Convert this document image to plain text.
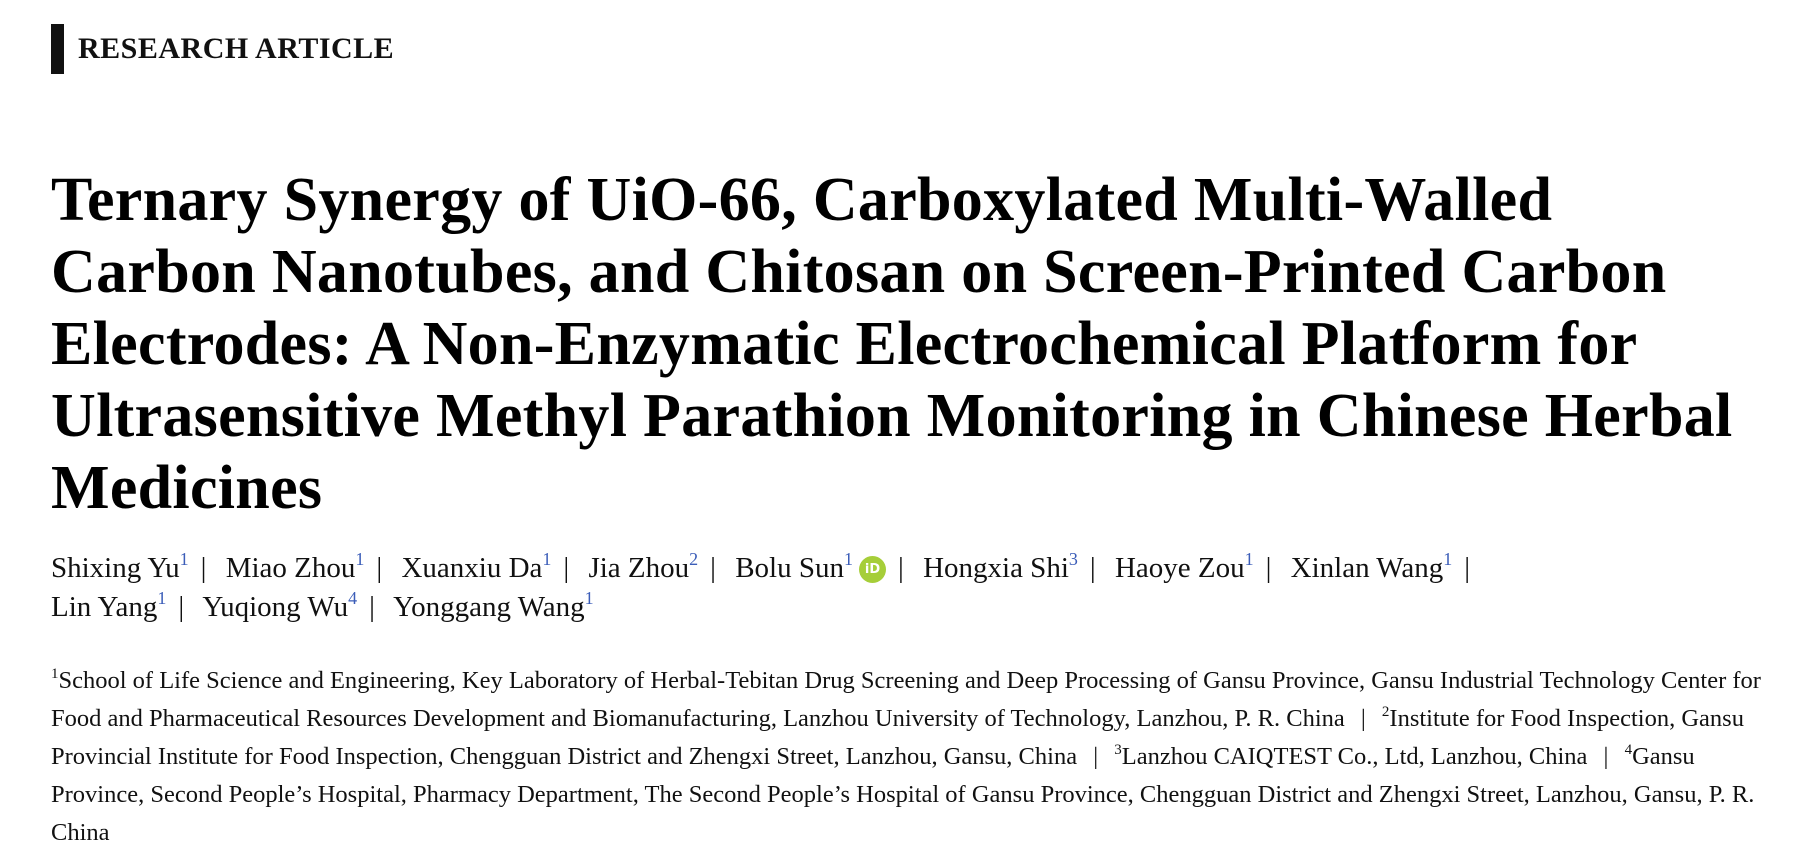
RESEARCH ARTICLE
Ternary Synergy of UiO-66, Carboxylated Multi-Walled Carbon Nanotubes, and Chitosan on Screen-Printed Carbon Electrodes: A Non-Enzymatic Electrochemical Platform for Ultrasensitive Methyl Parathion Monitoring in Chinese Herbal Medicines
Shixing Yu$^1$ | Miao Zhou$^1$ | Xuanxiu Da$^1$ | Jia Zhou$^2$ | Bolu Sun$^1$iD | Hongxia Shi$^3$ | Haoye Zou$^1$ | Xinlan Wang$^1$ |
Lin Yang$^1$ | Yuqiong Wu$^4$ | Yonggang Wang$^1$
$^1$School of Life Science and Engineering, Key Laboratory of Herbal-Tebitan Drug Screening and Deep Processing of Gansu Province, Gansu Industrial Technology Center for Food and Pharmaceutical Resources Development and Biomanufacturing, Lanzhou University of Technology, Lanzhou, P. R. China | $^2$Institute for Food Inspection, Gansu Provincial Institute for Food Inspection, Chengguan District and Zhengxi Street, Lanzhou, Gansu, China | $^3$Lanzhou CAIQTEST Co., Ltd, Lanzhou, China | $^4$Gansu Province, Second People’s Hospital, Pharmacy Department, The Second People’s Hospital of Gansu Province, Chengguan District and Zhengxi Street, Lanzhou, Gansu, P. R. China
